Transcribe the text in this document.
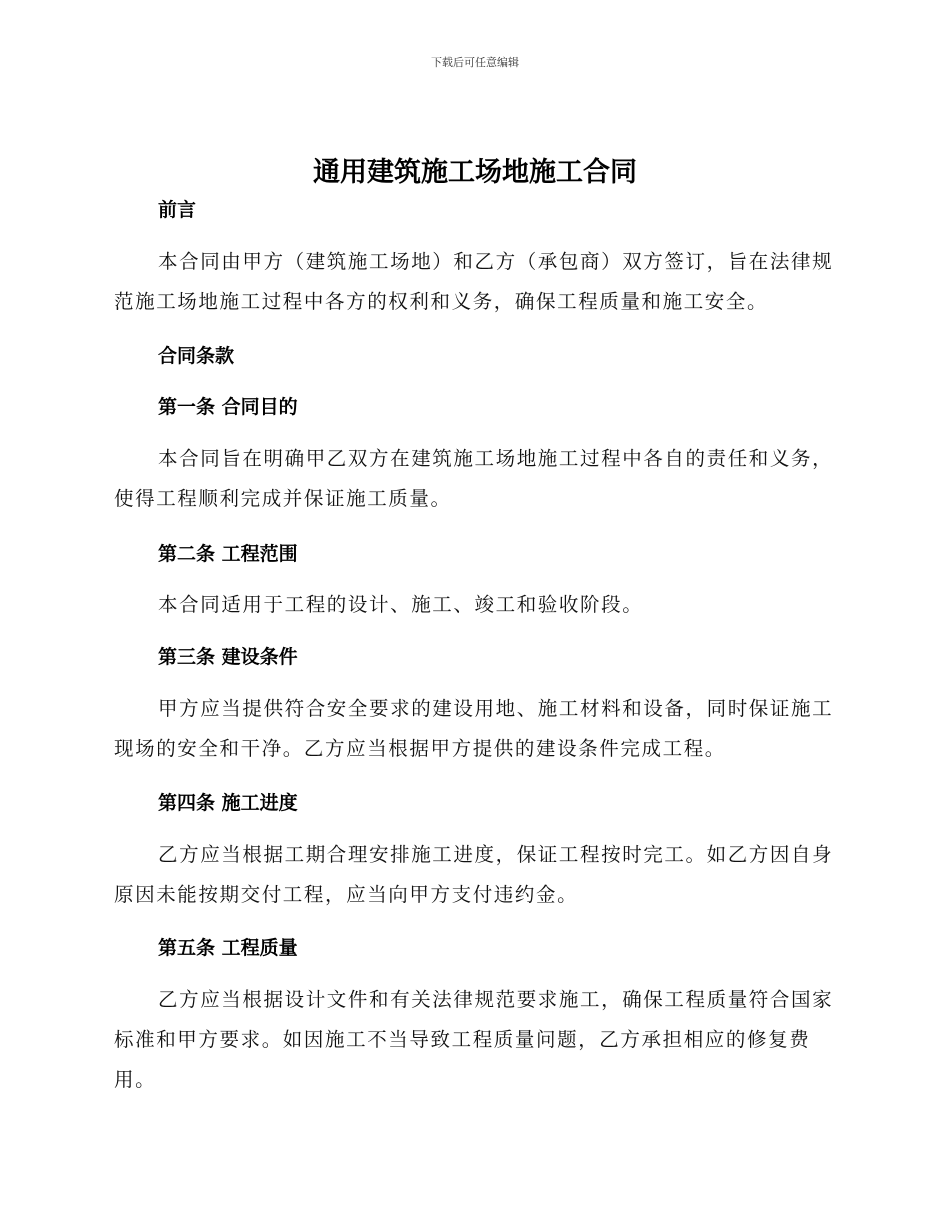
下载后可任意编辑
通用建筑施工场地施工合同
前言

本合同由甲方（建筑施工场地）和乙方（承包商）双方签订，旨在法律规范施工场地施工过程中各方的权利和义务，确保工程质量和施工安全。

合同条款
第一条 合同目的

本合同旨在明确甲乙双方在建筑施工场地施工过程中各自的责任和义务，使得工程顺利完成并保证施工质量。

第二条 工程范围

本合同适用于工程的设计、施工、竣工和验收阶段。

第三条 建设条件

甲方应当提供符合安全要求的建设用地、施工材料和设备，同时保证施工现场的安全和干净。乙方应当根据甲方提供的建设条件完成工程。

第四条 施工进度

乙方应当根据工期合理安排施工进度，保证工程按时完工。如乙方因自身原因未能按期交付工程，应当向甲方支付违约金。

第五条 工程质量

乙方应当根据设计文件和有关法律规范要求施工，确保工程质量符合国家标准和甲方要求。如因施工不当导致工程质量问题，乙方承担相应的修复费用。
